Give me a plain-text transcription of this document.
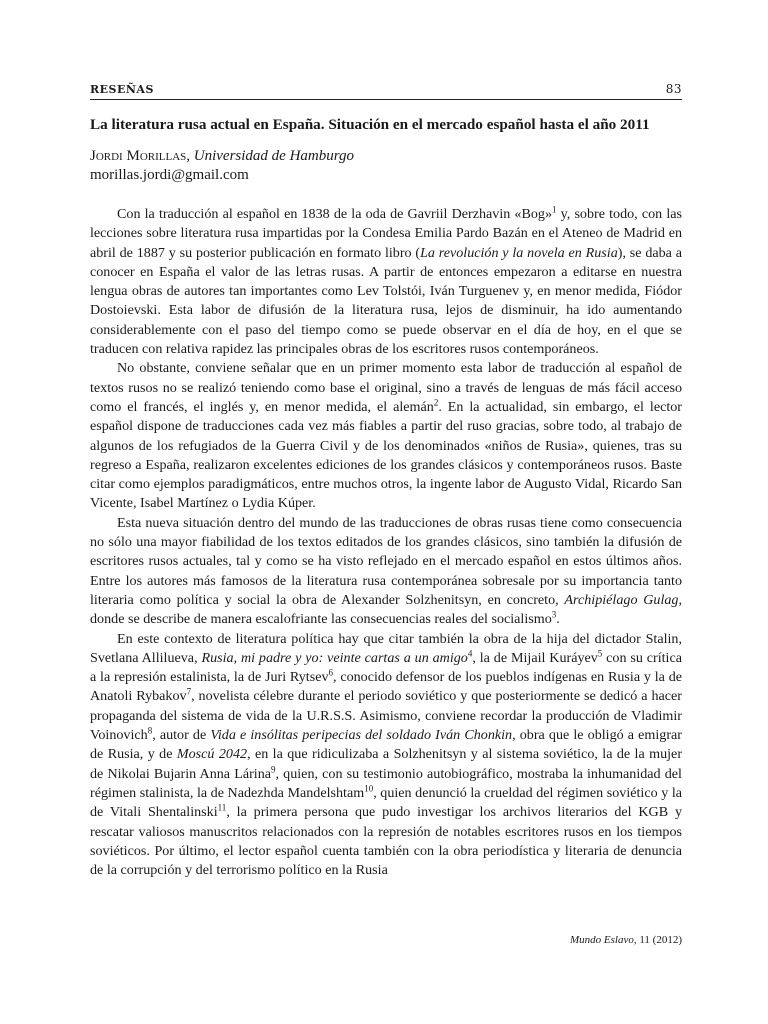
RESEÑAS	83
La literatura rusa actual en España. Situación en el mercado español hasta el año 2011
Jordi Morillas, Universidad de Hamburgo
morillas.jordi@gmail.com

Con la traducción al español en 1838 de la oda de Gavriil Derzhavin «Bog»$^1$ y, sobre todo, con las lecciones sobre literatura rusa impartidas por la Condesa Emilia Pardo Bazán en el Ateneo de Madrid en abril de 1887 y su posterior publicación en formato libro (La revolución y la novela en Rusia), se daba a conocer en España el valor de las letras rusas. A partir de entonces empezaron a editarse en nuestra lengua obras de autores tan importantes como Lev Tolstói, Iván Turguenev y, en menor medida, Fiódor Dostoievski. Esta labor de difusión de la literatura rusa, lejos de disminuir, ha ido aumentando considerablemente con el paso del tiempo como se puede observar en el día de hoy, en el que se traducen con relativa rapidez las principales obras de los escritores rusos contemporáneos.

No obstante, conviene señalar que en un primer momento esta labor de traducción al español de textos rusos no se realizó teniendo como base el original, sino a través de lenguas de más fácil acceso como el francés, el inglés y, en menor medida, el alemán$^2$. En la actualidad, sin embargo, el lector español dispone de traducciones cada vez más fiables a partir del ruso gracias, sobre todo, al trabajo de algunos de los refugiados de la Guerra Civil y de los denominados «niños de Rusia», quienes, tras su regreso a España, realizaron excelentes ediciones de los grandes clásicos y contemporáneos rusos. Baste citar como ejemplos paradigmáticos, entre muchos otros, la ingente labor de Augusto Vidal, Ricardo San Vicente, Isabel Martínez o Lydia Kúper.

Esta nueva situación dentro del mundo de las traducciones de obras rusas tiene como consecuencia no sólo una mayor fiabilidad de los textos editados de los grandes clásicos, sino también la difusión de escritores rusos actuales, tal y como se ha visto reflejado en el mercado español en estos últimos años. Entre los autores más famosos de la literatura rusa contemporánea sobresale por su importancia tanto literaria como política y social la obra de Alexander Solzhenitsyn, en concreto, Archipiélago Gulag, donde se describe de manera escalofriante las consecuencias reales del socialismo$^3$.

En este contexto de literatura política hay que citar también la obra de la hija del dictador Stalin, Svetlana Allilueva, Rusia, mi padre y yo: veinte cartas a un amigo$^4$, la de Mijail Kuráyev$^5$ con su crítica a la represión estalinista, la de Juri Rytsev$^6$, conocido defensor de los pueblos indígenas en Rusia y la de Anatoli Rybakov$^7$, novelista célebre durante el periodo soviético y que posteriormente se dedicó a hacer propaganda del sistema de vida de la U.R.S.S. Asimismo, conviene recordar la producción de Vladimir Voinovich$^8$, autor de Vida e insólitas peripecias del soldado Iván Chonkin, obra que le obligó a emigrar de Rusia, y de Moscú 2042, en la que ridiculizaba a Solzhenitsyn y al sistema soviético, la de la mujer de Nikolai Bujarin Anna Lárina$^9$, quien, con su testimonio autobiográfico, mostraba la inhumanidad del régimen stalinista, la de Nadezhda Mandelshtam$^{10}$, quien denunció la crueldad del régimen soviético y la de Vitali Shentalinski$^{11}$, la primera persona que pudo investigar los archivos literarios del KGB y rescatar valiosos manuscritos relacionados con la represión de notables escritores rusos en los tiempos soviéticos. Por último, el lector español cuenta también con la obra periodística y literaria de denuncia de la corrupción y del terrorismo político en la Rusia

Mundo Eslavo, 11 (2012)
